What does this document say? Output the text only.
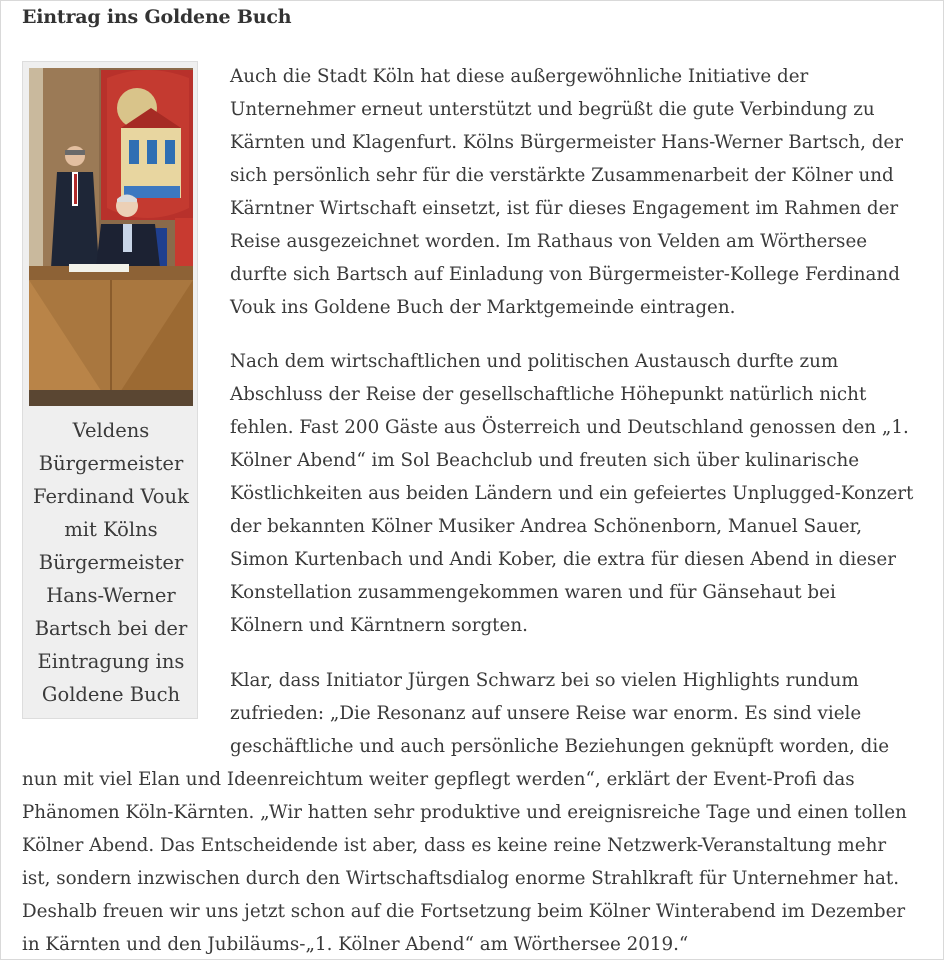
Eintrag ins Goldene Buch
Veldens Bürgermeister Ferdinand Vouk mit Kölns Bürgermeister Hans-Werner Bartsch bei der Eintragung ins Goldene Buch

Auch die Stadt Köln hat diese außergewöhnliche Initiative der
Unternehmer erneut unterstützt und begrüßt die gute Verbindung zu
Kärnten und Klagenfurt. Kölns Bürgermeister Hans-Werner Bartsch, der
sich persönlich sehr für die verstärkte Zusammenarbeit der Kölner und
Kärntner Wirtschaft einsetzt, ist für dieses Engagement im Rahmen der
Reise ausgezeichnet worden. Im Rathaus von Velden am Wörthersee
durfte sich Bartsch auf Einladung von Bürgermeister-Kollege Ferdinand
Vouk ins Goldene Buch der Marktgemeinde eintragen.

Nach dem wirtschaftlichen und politischen Austausch durfte zum
Abschluss der Reise der gesellschaftliche Höhepunkt natürlich nicht
fehlen. Fast 200 Gäste aus Österreich und Deutschland genossen den „1.
Kölner Abend“ im Sol Beachclub und freuten sich über kulinarische
Köstlichkeiten aus beiden Ländern und ein gefeiertes Unplugged-Konzert
der bekannten Kölner Musiker Andrea Schönenborn, Manuel Sauer,
Simon Kurtenbach und Andi Kober, die extra für diesen Abend in dieser
Konstellation zusammengekommen waren und für Gänsehaut bei
Kölnern und Kärntnern sorgten.

Klar, dass Initiator Jürgen Schwarz bei so vielen Highlights rundum
zufrieden: „Die Resonanz auf unsere Reise war enorm. Es sind viele
geschäftliche und auch persönliche Beziehungen geknüpft worden, die

nun mit viel Elan und Ideenreichtum weiter gepflegt werden“, erklärt der Event-Profi das
Phänomen Köln-Kärnten. „Wir hatten sehr produktive und ereignisreiche Tage und einen tollen
Kölner Abend. Das Entscheidende ist aber, dass es keine reine Netzwerk-Veranstaltung mehr
ist, sondern inzwischen durch den Wirtschaftsdialog enorme Strahlkraft für Unternehmer hat.
Deshalb freuen wir uns jetzt schon auf die Fortsetzung beim Kölner Winterabend im Dezember
in Kärnten und den Jubiläums-„1. Kölner Abend“ am Wörthersee 2019.“
